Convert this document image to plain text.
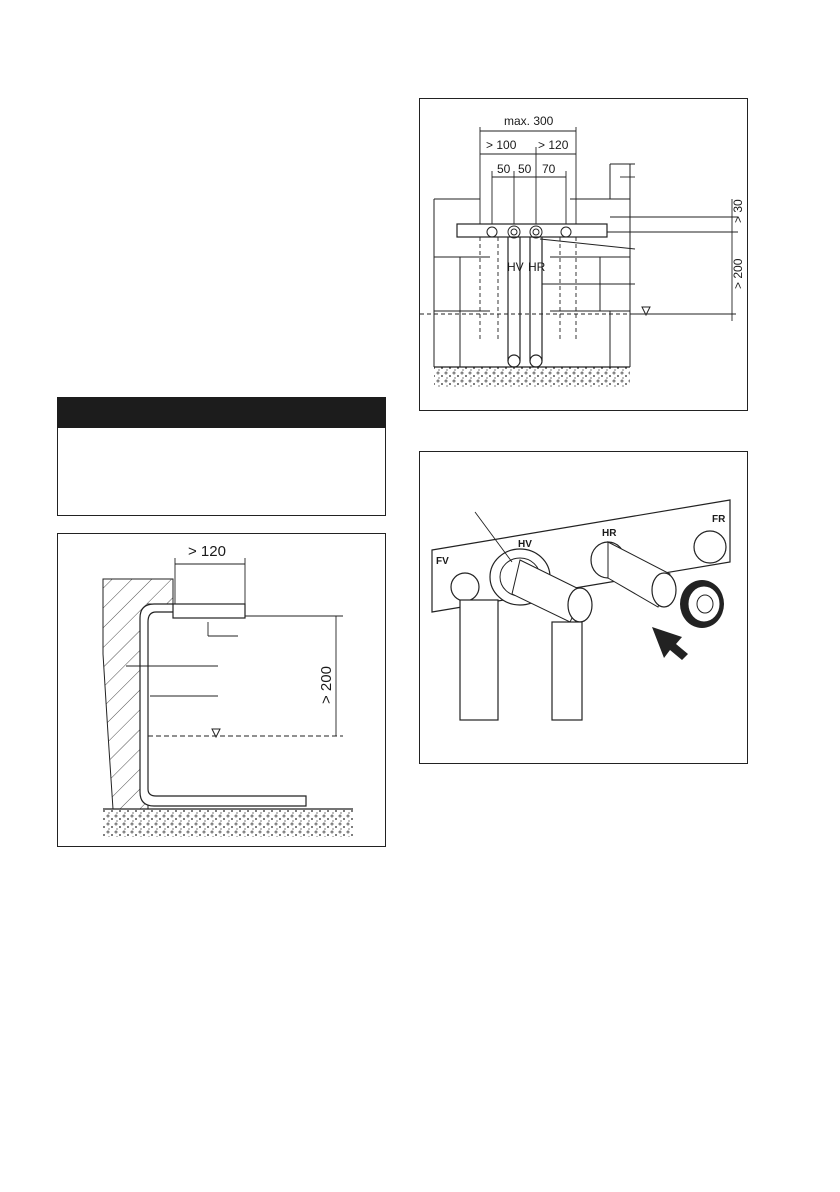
max. 300
> 100 > 120
50 50 70
HV HR
> 30
> 200
> 120
> 200
FV
HV
HR
FR
